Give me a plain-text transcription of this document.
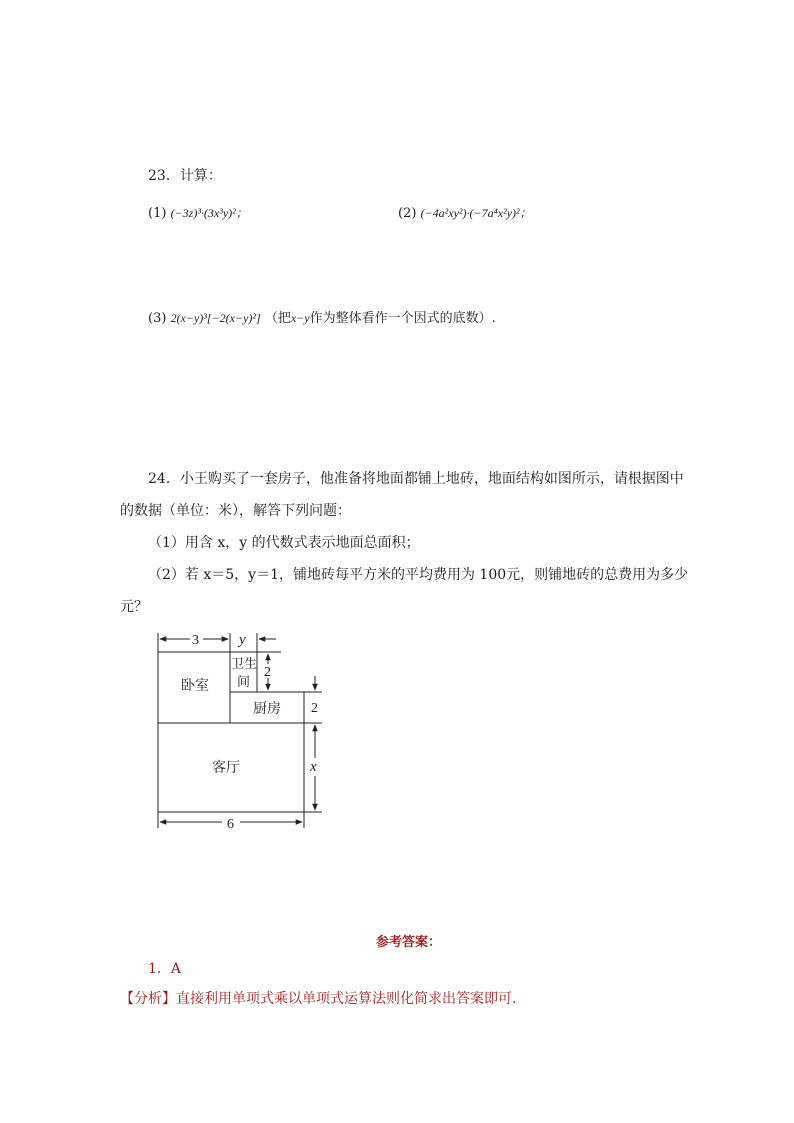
23．计算：
(1) (−3z)³·(3x³y)²；	(2) (−4a²xy²)·(−7a⁴x²y)²；
(3) 2(x−y)³[−2(x−y)²] （把x−y作为整体看作一个因式的底数）.
24．小王购买了一套房子，他准备将地面都铺上地砖，地面结构如图所示，请根据图中
的数据（单位：米），解答下列问题：
（1）用含 x，y 的代数式表示地面总面积；
（2）若 x＝5，y＝1，铺地砖每平方米的平均费用为 100元，则铺地砖的总费用为多少
元？
卧室
卫生
间
厨房
客厅
3	y
2
2
x
6
参考答案：
1．A
【分析】直接利用单项式乘以单项式运算法则化简求出答案即可.
